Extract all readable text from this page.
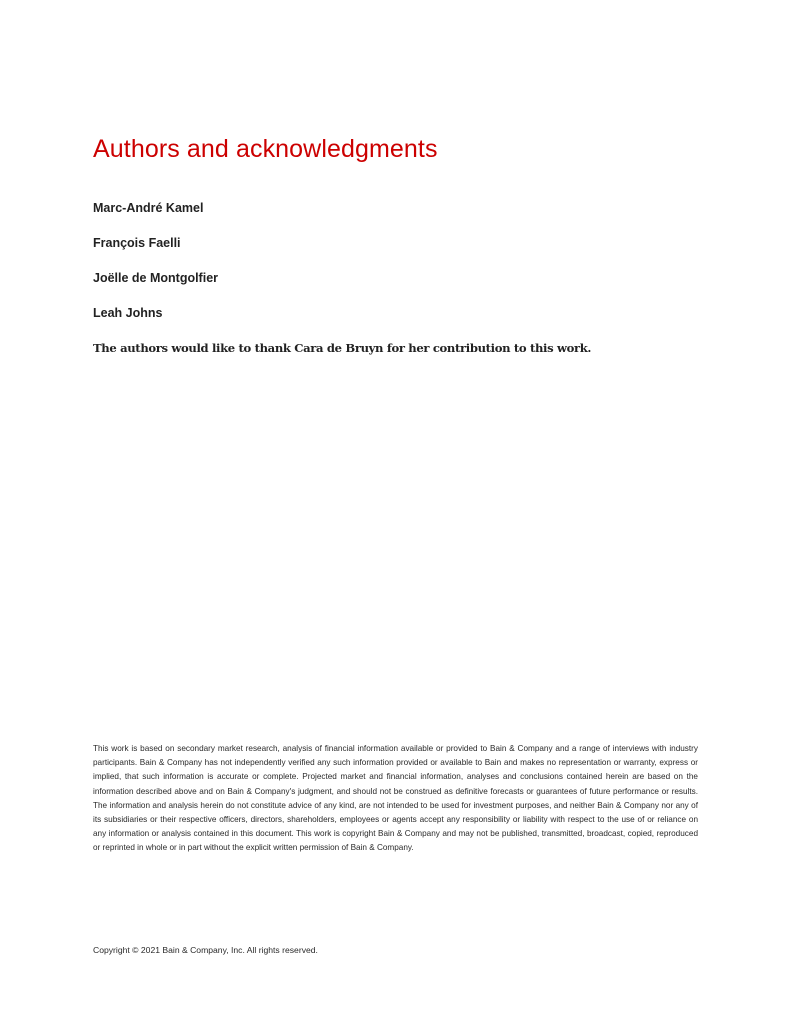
Authors and acknowledgments

Marc-André Kamel

François Faelli

Joëlle de Montgolfier

Leah Johns

The authors would like to thank Cara de Bruyn for her contribution to this work.

This work is based on secondary market research, analysis of financial information available or provided to Bain & Company and a range of interviews with industry participants. Bain & Company has not independently verified any such information provided or available to Bain and makes no representation or warranty, express or implied, that such information is accurate or complete. Projected market and financial information, analyses and conclusions contained herein are based on the information described above and on Bain & Company's judgment, and should not be construed as definitive forecasts or guarantees of future performance or results. The information and analysis herein do not constitute advice of any kind, are not intended to be used for investment purposes, and neither Bain & Company nor any of its subsidiaries or their respective officers, directors, shareholders, employees or agents accept any responsibility or liability with respect to the use of or reliance on any information or analysis contained in this document. This work is copyright Bain & Company and may not be published, transmitted, broadcast, copied, reproduced or reprinted in whole or in part without the explicit written permission of Bain & Company.

Copyright © 2021 Bain & Company, Inc. All rights reserved.
